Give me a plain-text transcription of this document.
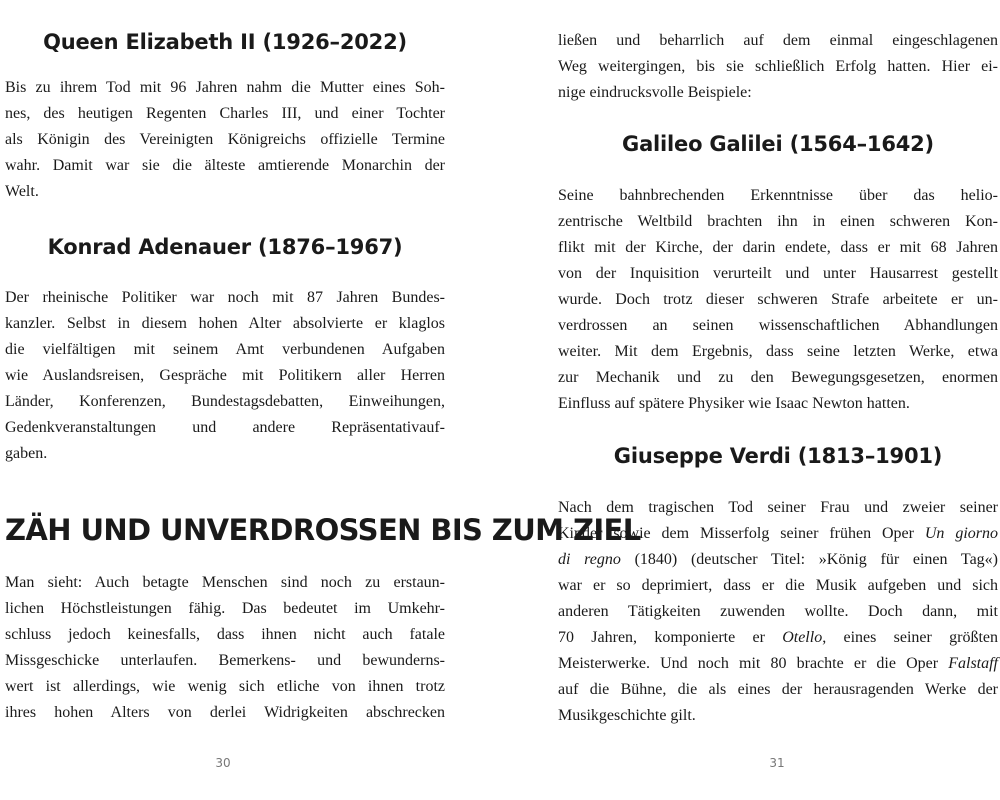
Queen Elizabeth II (1926–2022)
Bis zu ihrem Tod mit 96 Jahren nahm die Mutter eines Soh-
nes, des heutigen Regenten Charles III, und einer Tochter
als Königin des Vereinigten Königreichs offizielle Termine
wahr. Damit war sie die älteste amtierende Monarchin der
Welt.
Konrad Adenauer (1876–1967)
Der rheinische Politiker war noch mit 87 Jahren Bundes-
kanzler. Selbst in diesem hohen Alter absolvierte er klaglos
die vielfältigen mit seinem Amt verbundenen Aufgaben
wie Auslandsreisen, Gespräche mit Politikern aller Herren
Länder, Konferenzen, Bundestagsdebatten, Einweihungen,
Gedenkveranstaltungen und andere Repräsentativauf-
gaben.
ZÄH UND UNVERDROSSEN BIS ZUM ZIEL
Man sieht: Auch betagte Menschen sind noch zu erstaun-
lichen Höchstleistungen fähig. Das bedeutet im Umkehr-
schluss jedoch keinesfalls, dass ihnen nicht auch fatale
Missgeschicke unterlaufen. Bemerkens- und bewunderns-
wert ist allerdings, wie wenig sich etliche von ihnen trotz
ihres hohen Alters von derlei Widrigkeiten abschrecken
30
ließen und beharrlich auf dem einmal eingeschlagenen
Weg weitergingen, bis sie schließlich Erfolg hatten. Hier ei-
nige eindrucksvolle Beispiele:
Galileo Galilei (1564–1642)
Seine bahnbrechenden Erkenntnisse über das helio-
zentrische Weltbild brachten ihn in einen schweren Kon-
flikt mit der Kirche, der darin endete, dass er mit 68 Jahren
von der Inquisition verurteilt und unter Hausarrest gestellt
wurde. Doch trotz dieser schweren Strafe arbeitete er un-
verdrossen an seinen wissenschaftlichen Abhandlungen
weiter. Mit dem Ergebnis, dass seine letzten Werke, etwa
zur Mechanik und zu den Bewegungsgesetzen, enormen
Einfluss auf spätere Physiker wie Isaac Newton hatten.
Giuseppe Verdi (1813–1901)
Nach dem tragischen Tod seiner Frau und zweier seiner
Kinder sowie dem Misserfolg seiner frühen Oper Un giorno
di regno (1840) (deutscher Titel: »König für einen Tag«)
war er so deprimiert, dass er die Musik aufgeben und sich
anderen Tätigkeiten zuwenden wollte. Doch dann, mit
70 Jahren, komponierte er Otello, eines seiner größten
Meisterwerke. Und noch mit 80 brachte er die Oper Falstaff
auf die Bühne, die als eines der herausragenden Werke der
Musikgeschichte gilt.
31
